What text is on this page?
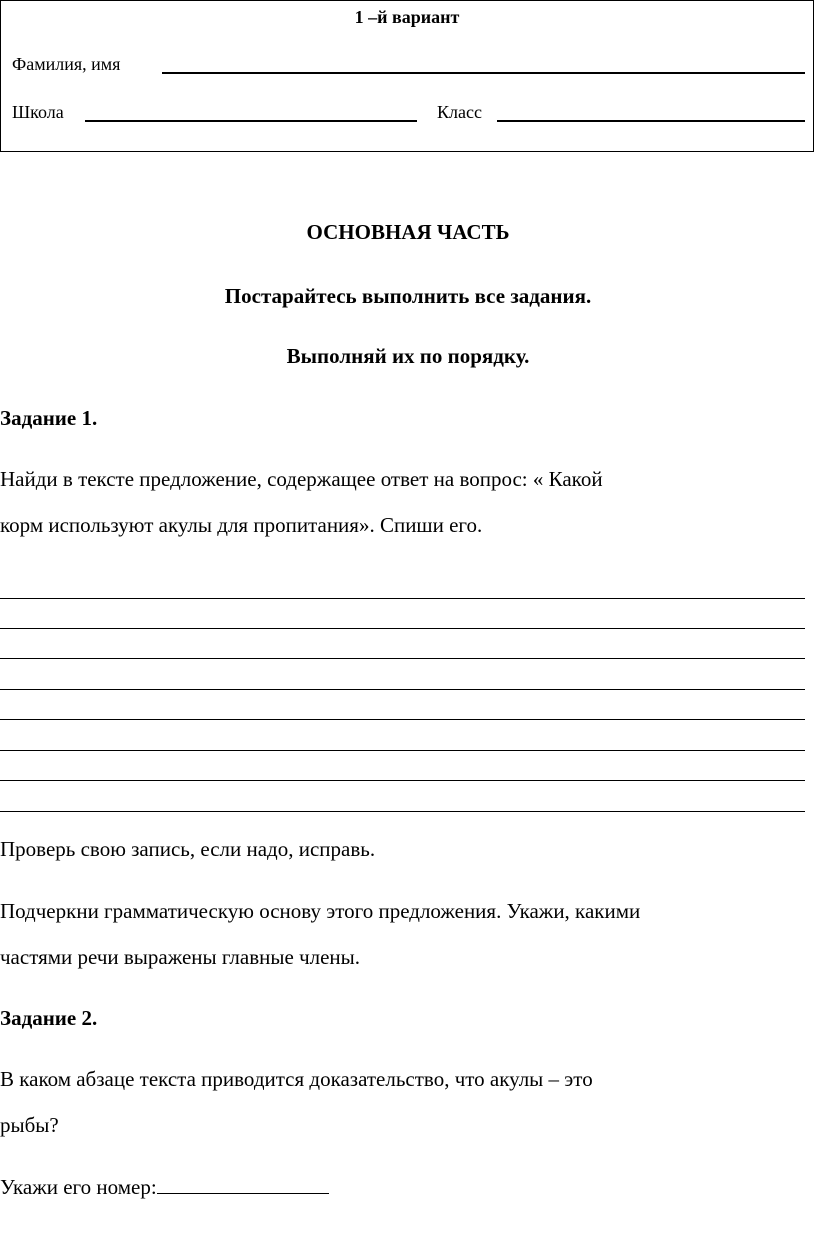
1 –й вариант
Фамилия, имя
Школа	Класс
ОСНОВНАЯ ЧАСТЬ
Постарайтесь выполнить все задания.
Выполняй их по порядку.
Задание 1.
Найди в тексте предложение, содержащее ответ на вопрос: « Какой
корм используют акулы для пропитания». Спиши его.
Проверь свою запись, если надо, исправь.
Подчеркни грамматическую основу этого предложения. Укажи, какими
частями речи выражены главные члены.
Задание 2.
В каком абзаце текста приводится доказательство, что акулы – это
рыбы?
Укажи его номер:
